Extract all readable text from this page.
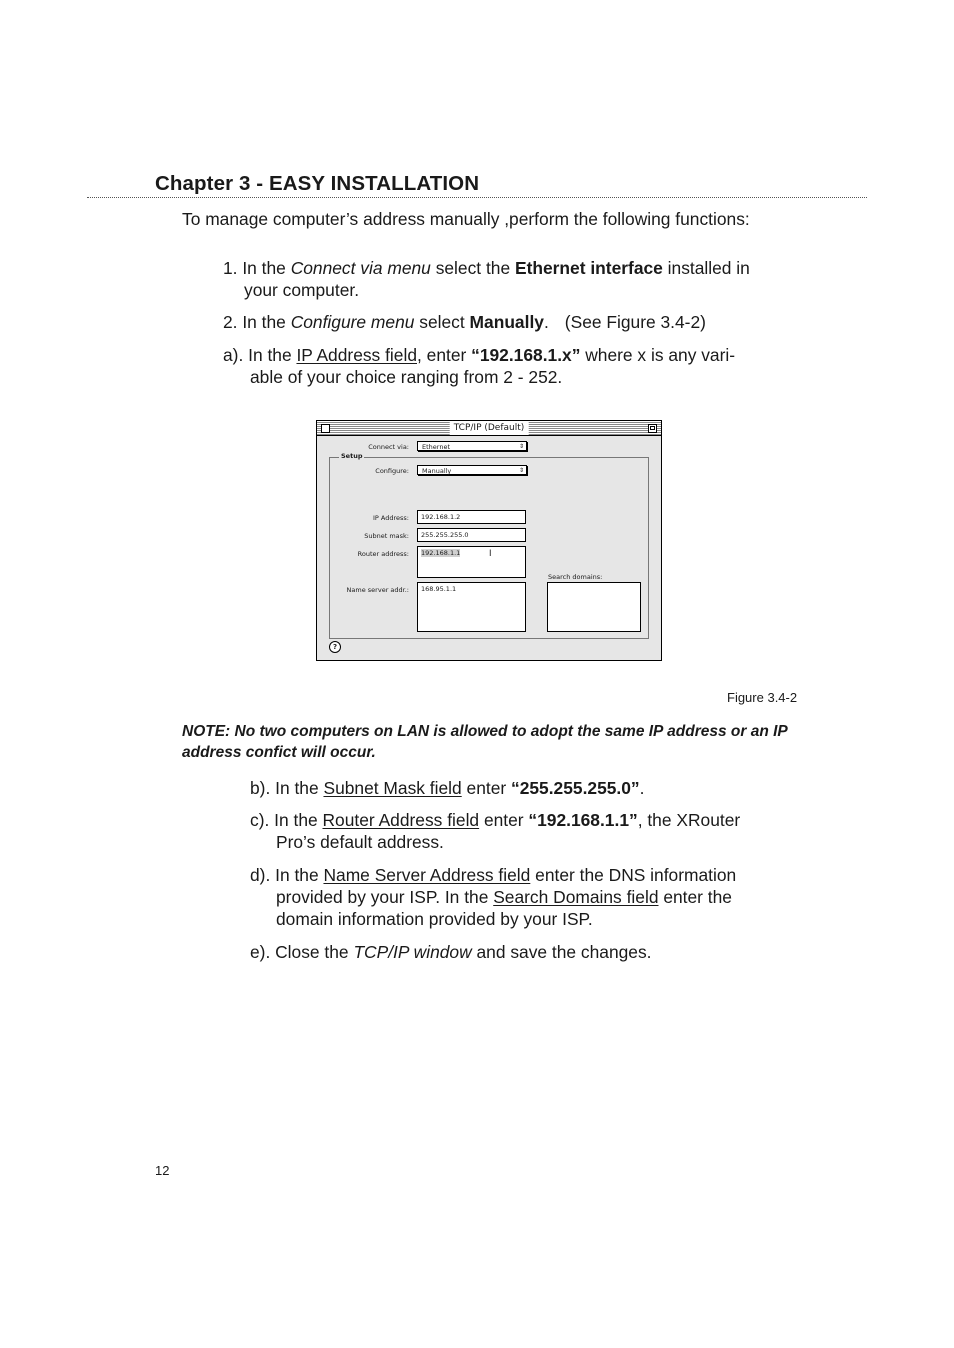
Chapter 3 - EASY INSTALLATION
To manage computer’s address manually ,perform the following functions:
1. In the Connect via menu select the Ethernet interface installed in
your computer.
2. In the Configure menu select Manually. (See Figure 3.4-2)
a). In the IP Address field, enter “192.168.1.x” where x is any vari-
able of your choice ranging from 2 - 252.
TCP/IP (Default)
Connect via:	Ethernet	⇕
Setup
Configure:	Manually	⇕
IP Address:	192.168.1.2
Subnet mask:	255.255.255.0
Router address:	192.168.1.1	I
Name server addr.:	168.95.1.1
Search domains:
?
Figure 3.4-2
NOTE: No two computers on LAN is allowed to adopt the same IP address or an IP address confict will occur.
b). In the Subnet Mask field enter “255.255.255.0”.
c). In the Router Address field enter “192.168.1.1”, the XRouter
Pro’s default address.
d). In the Name Server Address field enter the DNS information
provided by your ISP. In the Search Domains field enter the
domain information provided by your ISP.
e). Close the TCP/IP window and save the changes.
12
